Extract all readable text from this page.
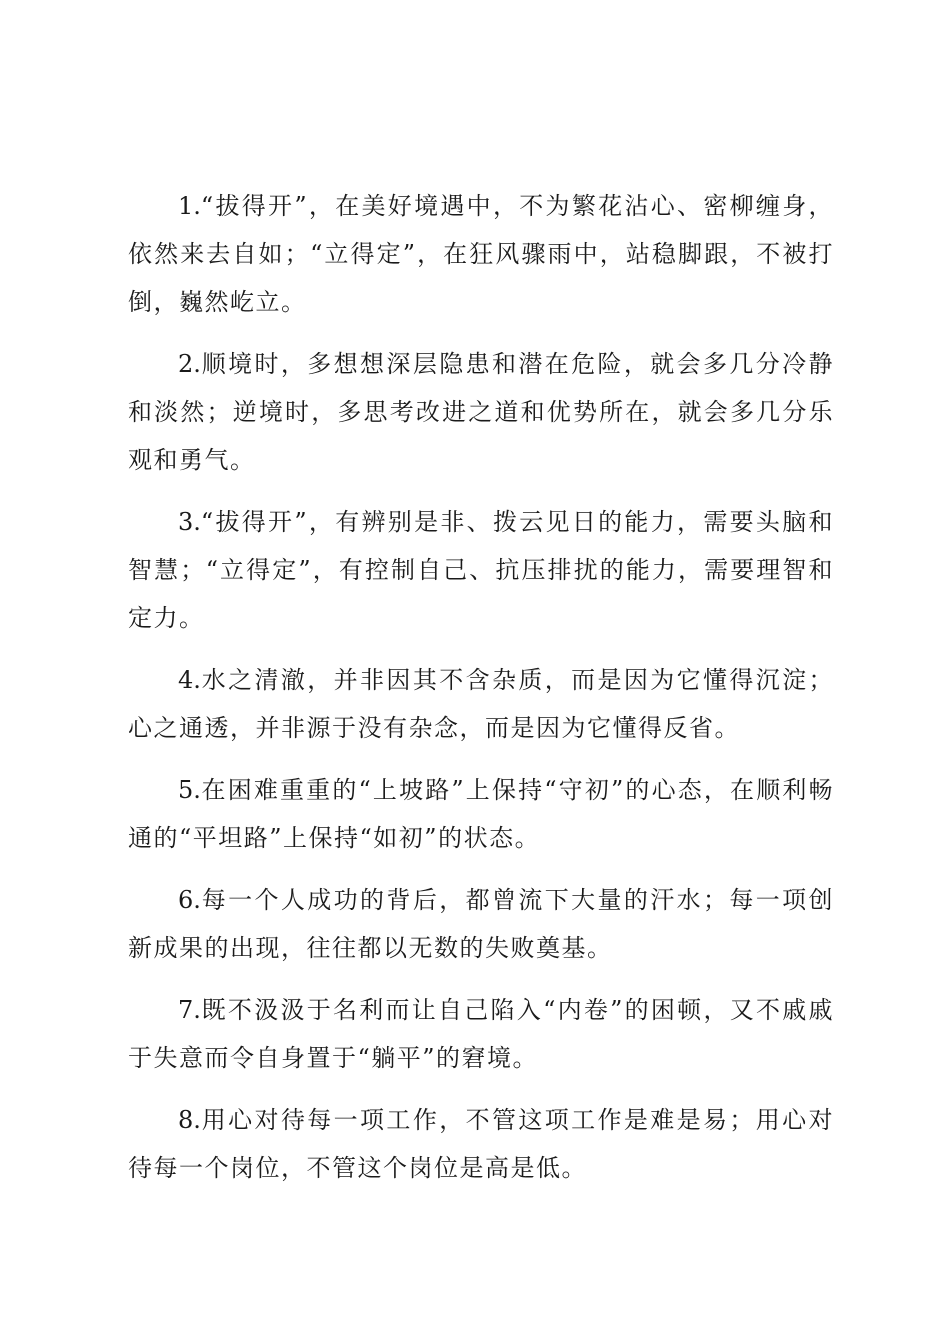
1.“拔得开”，在美好境遇中，不为繁花沾心、密柳缠身，依然来去自如；“立得定”，在狂风骤雨中，站稳脚跟，不被打倒，巍然屹立。

2.顺境时，多想想深层隐患和潜在危险，就会多几分冷静和淡然；逆境时，多思考改进之道和优势所在，就会多几分乐观和勇气。

3.“拔得开”，有辨别是非、拨云见日的能力，需要头脑和智慧；“立得定”，有控制自己、抗压排扰的能力，需要理智和定力。

4.水之清澈，并非因其不含杂质，而是因为它懂得沉淀；心之通透，并非源于没有杂念，而是因为它懂得反省。

5.在困难重重的“上坡路”上保持“守初”的心态，在顺利畅通的“平坦路”上保持“如初”的状态。

6.每一个人成功的背后，都曾流下大量的汗水；每一项创新成果的出现，往往都以无数的失败奠基。

7.既不汲汲于名利而让自己陷入“内卷”的困顿，又不戚戚于失意而令自身置于“躺平”的窘境。

8.用心对待每一项工作，不管这项工作是难是易；用心对待每一个岗位，不管这个岗位是高是低。
